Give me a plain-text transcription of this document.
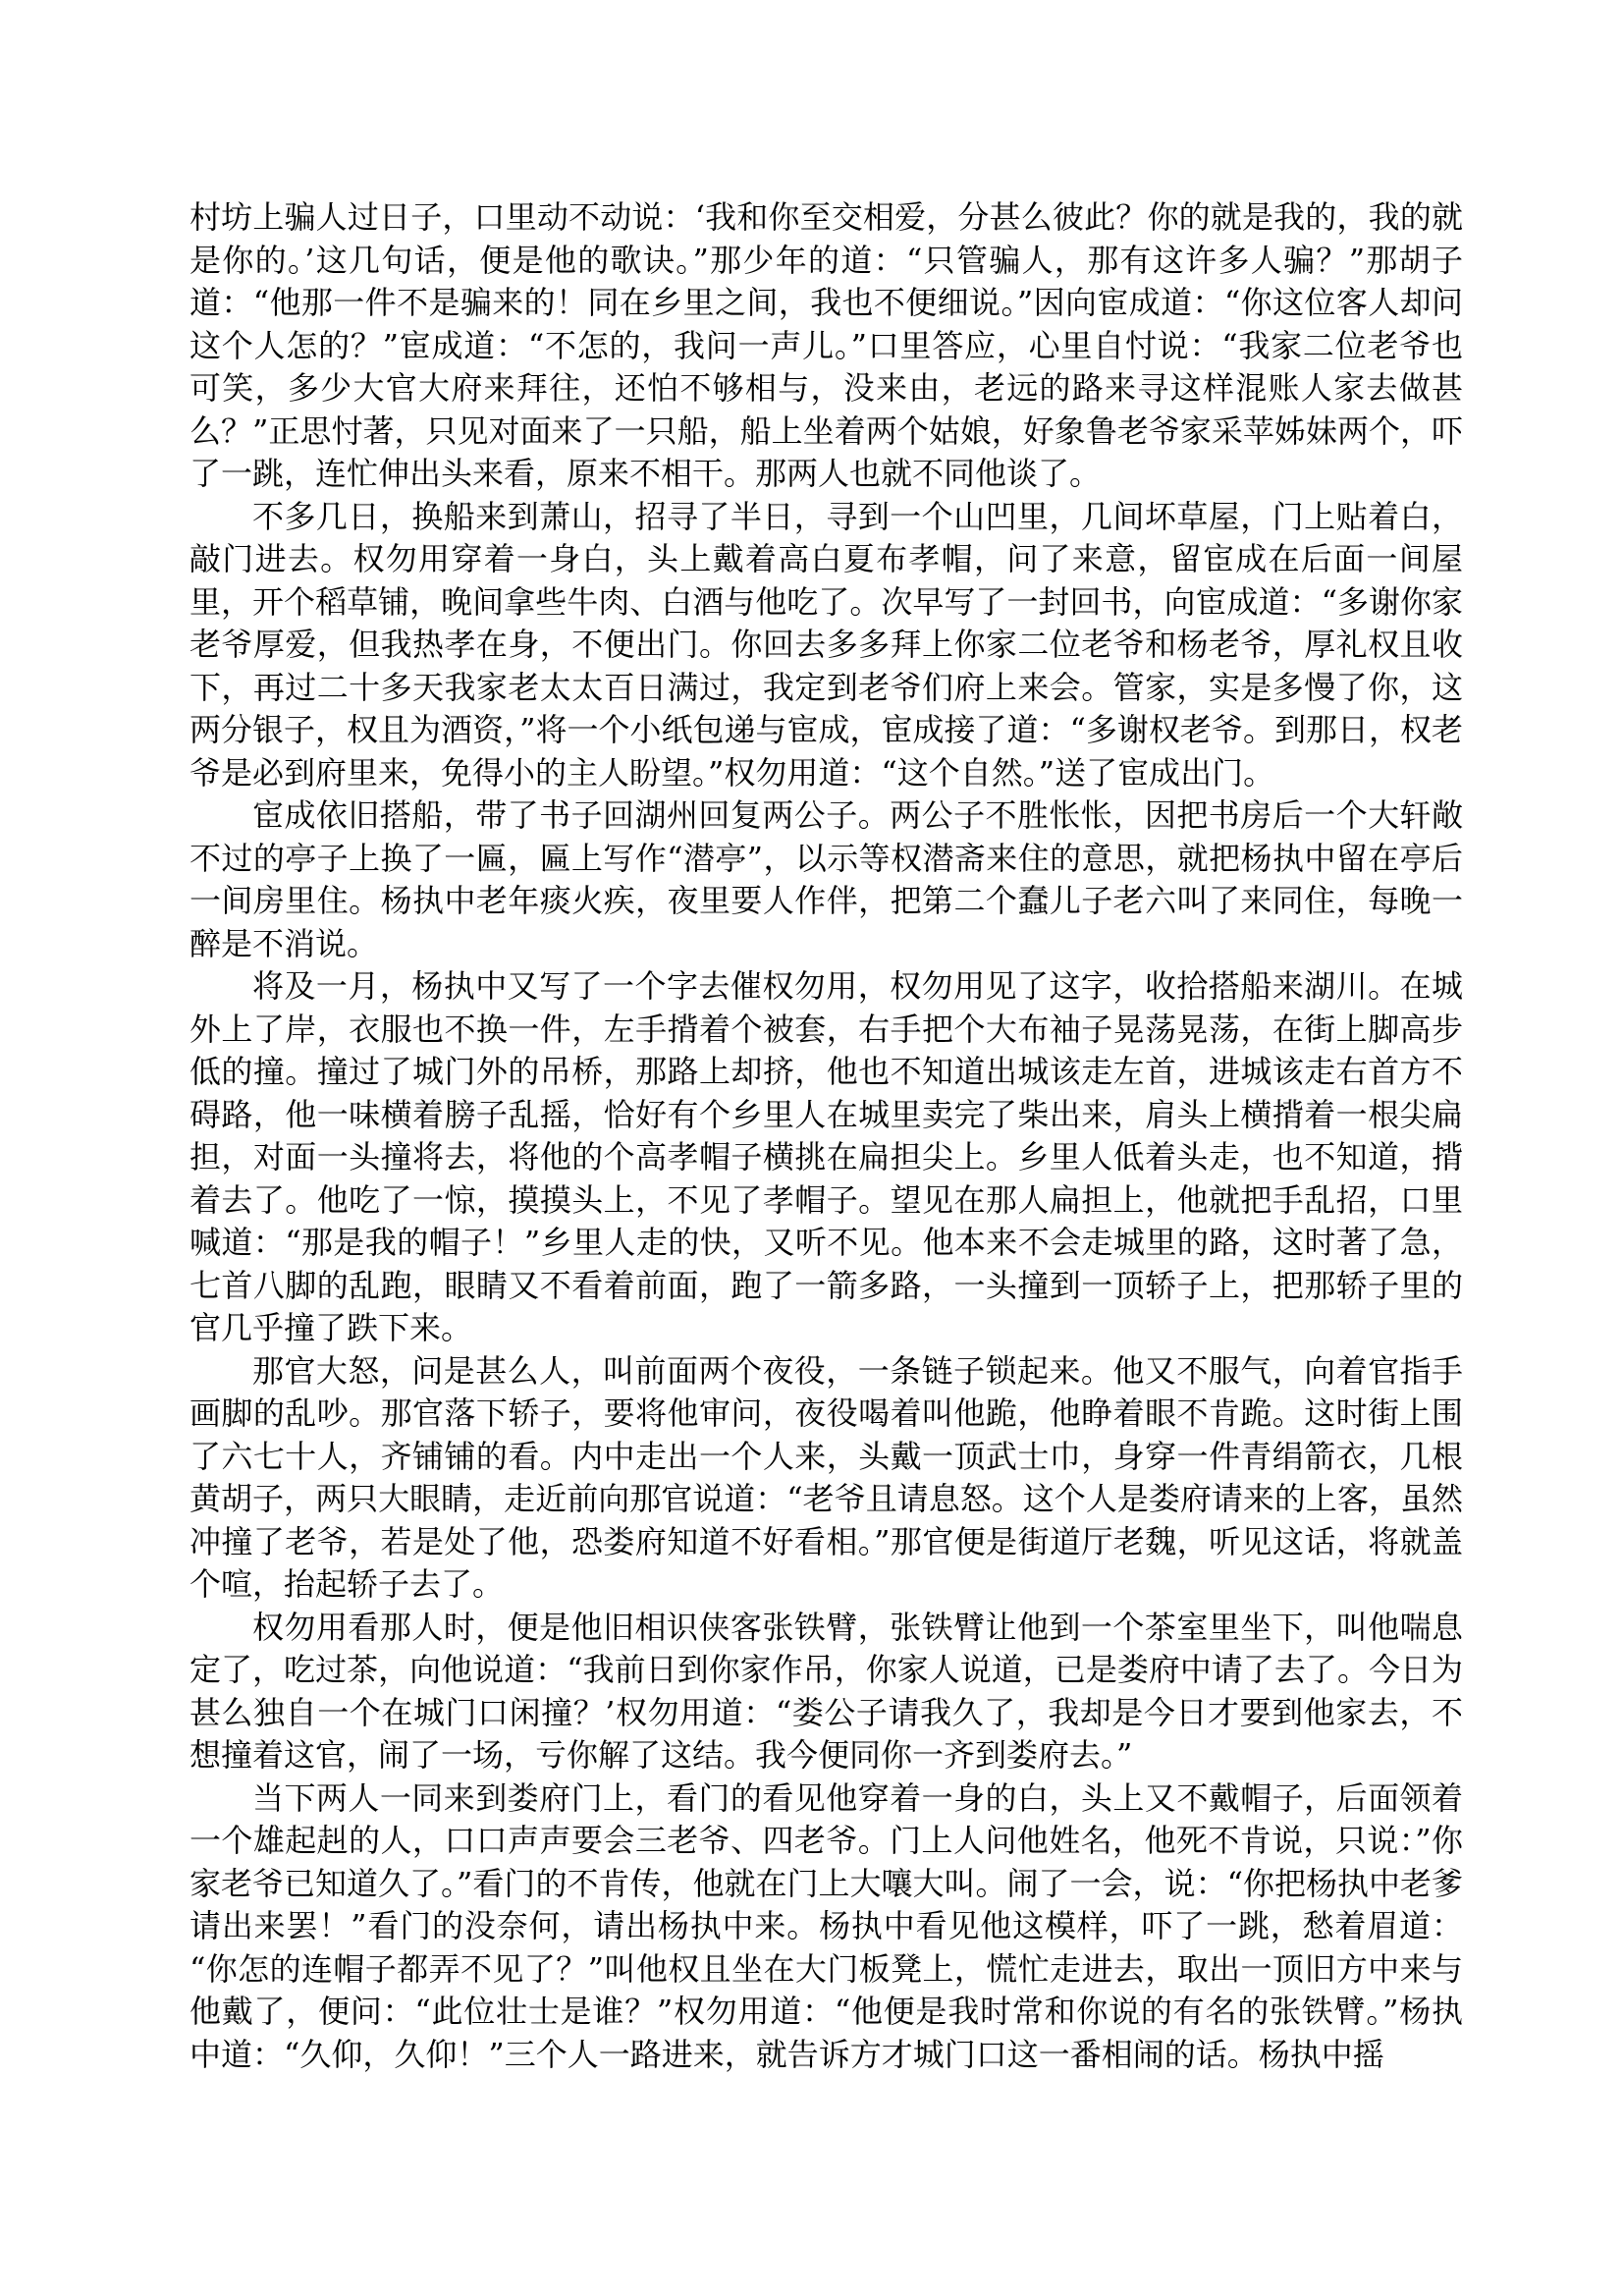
村坊上骗人过日子，口里动不动说：‘我和你至交相爱，分甚么彼此？你的就是我的，我的就是你的。’这几句话，便是他的歌诀。”那少年的道：“只管骗人，那有这许多人骗？”那胡子道：“他那一件不是骗来的！同在乡里之间，我也不便细说。”因向宦成道：“你这位客人却问这个人怎的？”宦成道：“不怎的，我问一声儿。”口里答应，心里自忖说：“我家二位老爷也可笑，多少大官大府来拜往，还怕不够相与，没来由，老远的路来寻这样混账人家去做甚么？”正思忖著，只见对面来了一只船，船上坐着两个姑娘，好象鲁老爷家采苹姊妹两个，吓了一跳，连忙伸出头来看，原来不相干。那两人也就不同他谈了。

不多几日，换船来到萧山，招寻了半日，寻到一个山凹里，几间坏草屋，门上贴着白，敲门进去。权勿用穿着一身白，头上戴着高白夏布孝帽，问了来意，留宦成在后面一间屋里，开个稻草铺，晚间拿些牛肉、白酒与他吃了。次早写了一封回书，向宦成道：“多谢你家老爷厚爱，但我热孝在身，不便出门。你回去多多拜上你家二位老爷和杨老爷，厚礼权且收下，再过二十多天我家老太太百日满过，我定到老爷们府上来会。管家，实是多慢了你，这两分银子，权且为酒资，”将一个小纸包递与宦成，宦成接了道：“多谢权老爷。到那日，权老爷是必到府里来，免得小的主人盼望。”权勿用道：“这个自然。”送了宦成出门。

宦成依旧搭船，带了书子回湖州回复两公子。两公子不胜怅怅，因把书房后一个大轩敞不过的亭子上换了一匾，匾上写作“潜亭”，以示等权潜斋来住的意思，就把杨执中留在亭后一间房里住。杨执中老年痰火疾，夜里要人作伴，把第二个蠢儿子老六叫了来同住，每晚一醉是不消说。

将及一月，杨执中又写了一个字去催权勿用，权勿用见了这字，收拾搭船来湖川。在城外上了岸，衣服也不换一件，左手揹着个被套，右手把个大布袖子晃荡晃荡，在街上脚高步低的撞。撞过了城门外的吊桥，那路上却挤，他也不知道出城该走左首，进城该走右首方不碍路，他一味横着膀子乱摇，恰好有个乡里人在城里卖完了柴出来，肩头上横揹着一根尖扁担，对面一头撞将去，将他的个高孝帽子横挑在扁担尖上。乡里人低着头走，也不知道，揹着去了。他吃了一惊，摸摸头上，不见了孝帽子。望见在那人扁担上，他就把手乱招，口里喊道：“那是我的帽子！”乡里人走的快，又听不见。他本来不会走城里的路，这时著了急，七首八脚的乱跑，眼睛又不看着前面，跑了一箭多路，一头撞到一顶轿子上，把那轿子里的官几乎撞了跌下来。

那官大怒，问是甚么人，叫前面两个夜役，一条链子锁起来。他又不服气，向着官指手画脚的乱吵。那官落下轿子，要将他审问，夜役喝着叫他跪，他睁着眼不肯跪。这时街上围了六七十人，齐铺铺的看。内中走出一个人来，头戴一顶武士巾，身穿一件青绢箭衣，几根黄胡子，两只大眼睛，走近前向那官说道：“老爷且请息怒。这个人是娄府请来的上客，虽然冲撞了老爷，若是处了他，恐娄府知道不好看相。”那官便是街道厅老魏，听见这话，将就盖个喧，抬起轿子去了。

权勿用看那人时，便是他旧相识侠客张铁臂，张铁臂让他到一个茶室里坐下，叫他喘息定了，吃过茶，向他说道：“我前日到你家作吊，你家人说道，已是娄府中请了去了。今日为甚么独自一个在城门口闲撞？’权勿用道：“娄公子请我久了，我却是今日才要到他家去，不想撞着这官，闹了一场，亏你解了这结。我今便同你一齐到娄府去。”

当下两人一同来到娄府门上，看门的看见他穿着一身的白，头上又不戴帽子，后面领着一个雄起赳的人，口口声声要会三老爷、四老爷。门上人问他姓名，他死不肯说，只说：”你家老爷已知道久了。”看门的不肯传，他就在门上大嚷大叫。闹了一会，说：“你把杨执中老爹请出来罢！”看门的没奈何，请出杨执中来。杨执中看见他这模样，吓了一跳，愁着眉道：“你怎的连帽子都弄不见了？”叫他权且坐在大门板凳上，慌忙走进去，取出一顶旧方中来与他戴了，便问：“此位壮士是谁？”权勿用道：“他便是我时常和你说的有名的张铁臂。”杨执中道：“久仰，久仰！”三个人一路进来，就告诉方才城门口这一番相闹的话。杨执中摇
